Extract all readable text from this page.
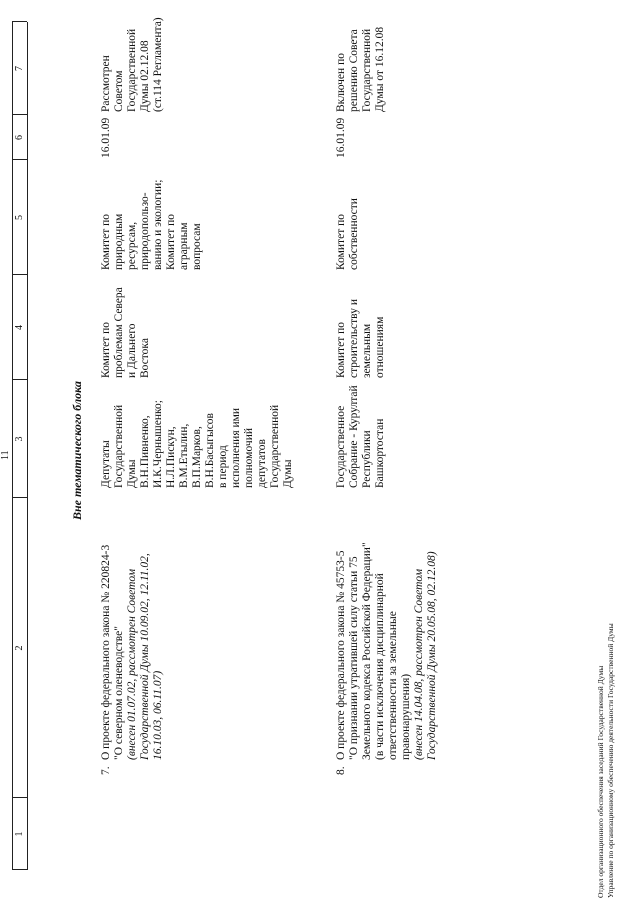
11
1
2
3
4
5
6
7
Вне тематического блока
7.
О проекте федерального закона № 220824-3 "О северном оленеводстве" (внесен 01.07.02, рассмотрен Советом Государственной Думы 10.09.02, 12.11.02, 16.10.03, 06.11.07)
Депутаты Государственной Думы В.Н.Пивненко, И.К.Чернышенко; Н.Л.Пискун, В.М.Етылин, В.П.Марков, В.Н.Басыгысов в период исполнения ими полномочий депутатов Государственной Думы
Комитет по проблемам Севера и Дальнего Востока
Комитет по природным ресурсам, природопользо- ванию и экологии; Комитет по аграрным вопросам
16.01.09
Рассмотрен Советом Государственной Думы 02.12.08 (ст.114 Регламента)
8.
О проекте федерального закона № 45753-5 "О признании утратившей силу статьи 75 Земельного кодекса Российской Федерации" (в части исключения дисциплинарной ответственности за земельные правонарушения) (внесен 14.04.08, рассмотрен Советом Государственной Думы 20.05.08, 02.12.08)
Государственное Собрание - Курултай Республики Башкортостан
Комитет по строительству и земельным отношениям
Комитет по собственности
16.01.09
Включен по решению Совета Государственной Думы от 16.12.08
Отдел организационного обеспечения заседаний Государственной Думы Управление по организационному обеспечению деятельности Государственной Думы
